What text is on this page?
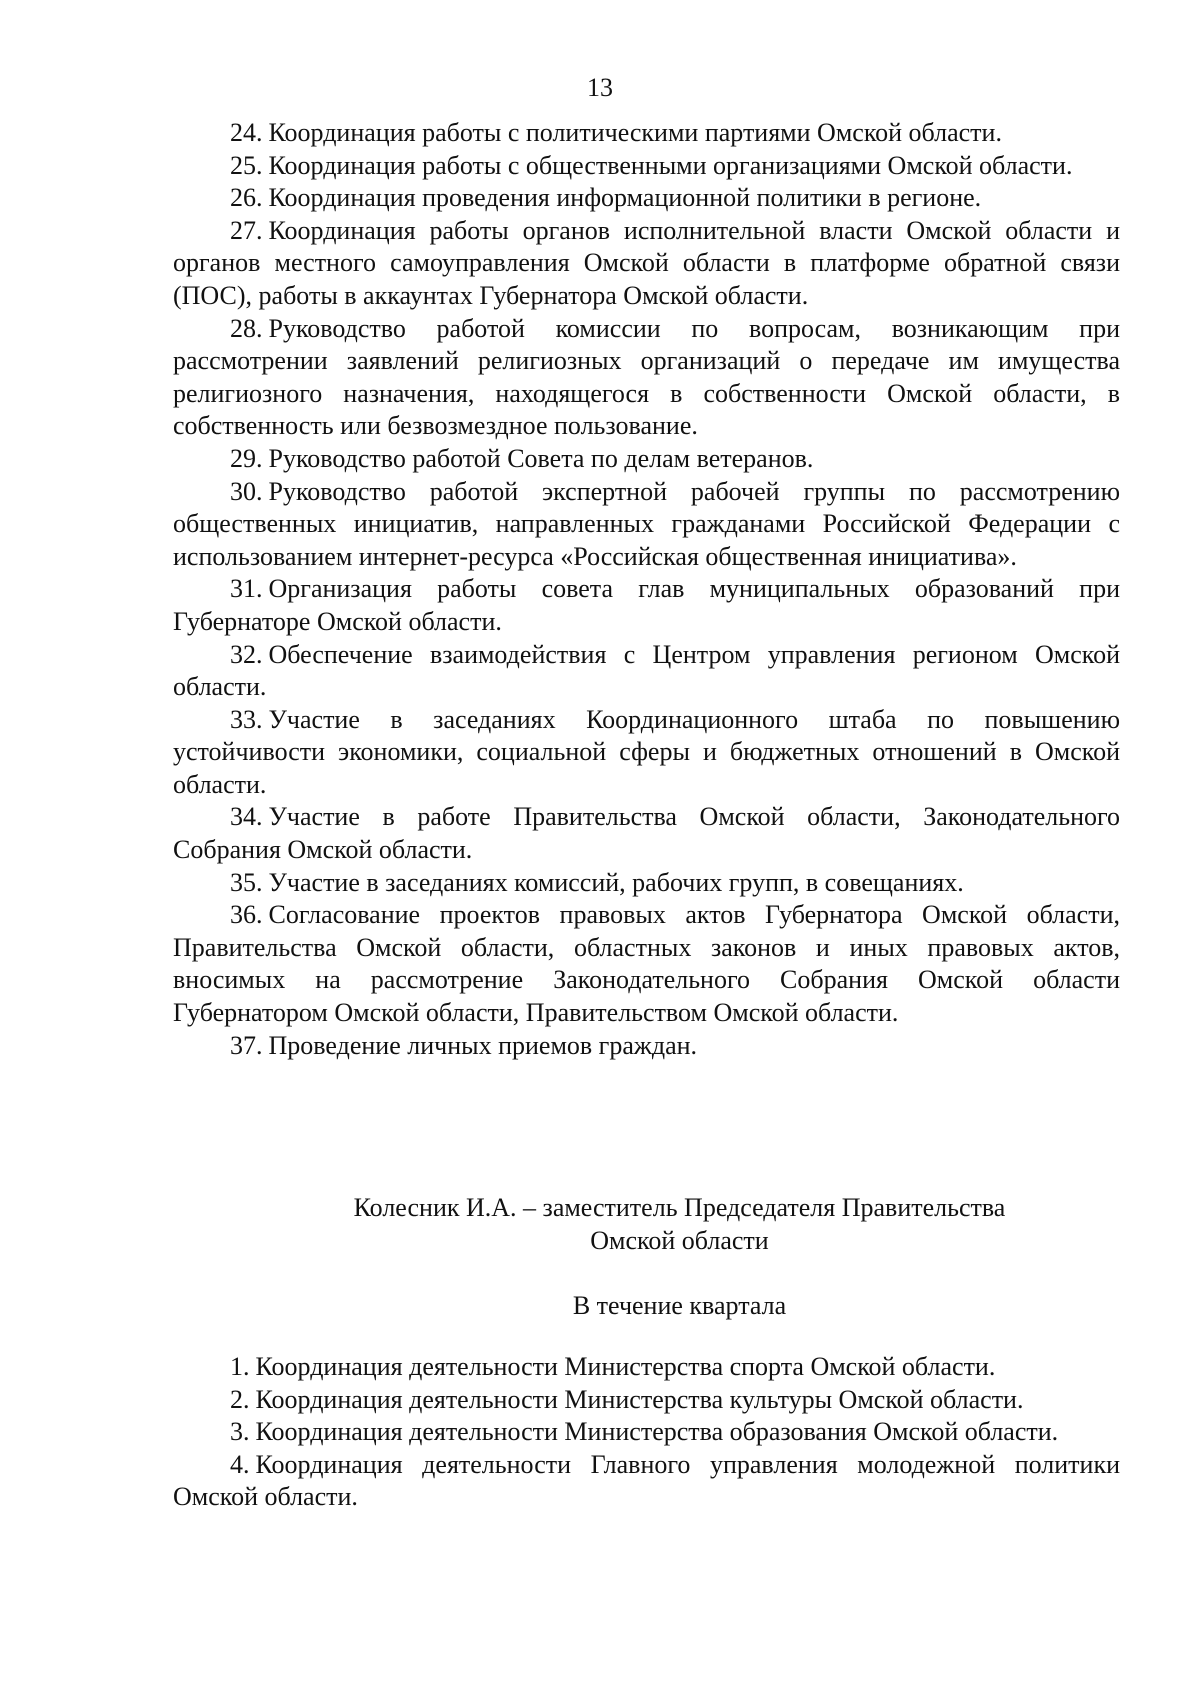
13

24. Координация работы с политическими партиями Омской области.

25. Координация работы с общественными организациями Омской области.

26. Координация проведения информационной политики в регионе.

27. Координация работы органов исполнительной власти Омской области и органов местного самоуправления Омской области в платформе обратной связи (ПОС), работы в аккаунтах Губернатора Омской области.

28. Руководство работой комиссии по вопросам, возникающим при рассмотрении заявлений религиозных организаций о передаче им имущества религиозного назначения, находящегося в собственности Омской области, в собственность или безвозмездное пользование.

29. Руководство работой Совета по делам ветеранов.

30. Руководство работой экспертной рабочей группы по рассмотрению общественных инициатив, направленных гражданами Российской Федерации с использованием интернет-ресурса «Российская общественная инициатива».

31. Организация работы совета глав муниципальных образований при Губернаторе Омской области.

32. Обеспечение взаимодействия с Центром управления регионом Омской области.

33. Участие в заседаниях Координационного штаба по повышению устойчивости экономики, социальной сферы и бюджетных отношений в Омской области.

34. Участие в работе Правительства Омской области, Законодательного Собрания Омской области.

35. Участие в заседаниях комиссий, рабочих групп, в совещаниях.

36. Согласование проектов правовых актов Губернатора Омской области, Правительства Омской области, областных законов и иных правовых актов, вносимых на рассмотрение Законодательного Собрания Омской области Губернатором Омской области, Правительством Омской области.

37. Проведение личных приемов граждан.

Колесник И.А. – заместитель Председателя Правительства
Омской области
В течение квартала

1. Координация деятельности Министерства спорта Омской области.

2. Координация деятельности Министерства культуры Омской области.

3. Координация деятельности Министерства образования Омской области.

4. Координация деятельности Главного управления молодежной политики Омской области.
